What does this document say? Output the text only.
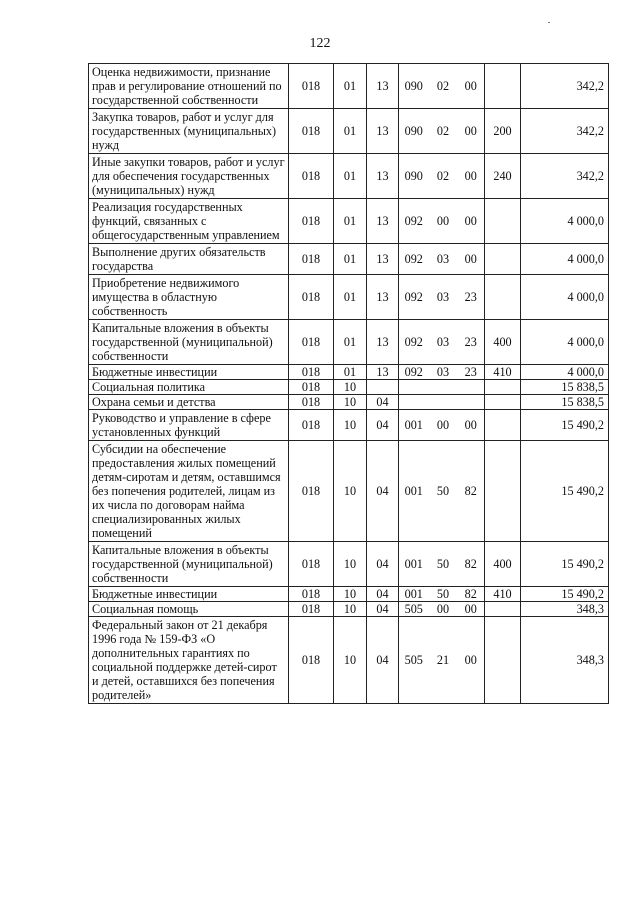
122
Оценка недвижимости, признание прав и регулирование отношений по государственной собственности	018	01	13	090	02	00		342,2
Закупка товаров, работ и услуг для государственных (муниципальных) нужд	018	01	13	090	02	00	200	342,2
Иные закупки товаров, работ и услуг для обеспечения государственных (муниципальных) нужд	018	01	13	090	02	00	240	342,2
Реализация государственных функций, связанных с общегосударственным управлением	018	01	13	092	00	00		4 000,0
Выполнение других обязательств государства	018	01	13	092	03	00		4 000,0
Приобретение недвижимого имущества в областную собственность	018	01	13	092	03	23		4 000,0
Капитальные вложения в объекты государственной (муниципальной) собственности	018	01	13	092	03	23	400	4 000,0
Бюджетные инвестиции	018	01	13	092	03	23	410	4 000,0
Социальная политика	018	10						15 838,5
Охрана семьи и детства	018	10	04					15 838,5
Руководство и управление в сфере установленных функций	018	10	04	001	00	00		15 490,2
Субсидии на обеспечение предоставления жилых помещений детям-сиротам и детям, оставшимся без попечения родителей, лицам из их числа по договорам найма специализированных жилых помещений	018	10	04	001	50	82		15 490,2
Капитальные вложения в объекты государственной (муниципальной) собственности	018	10	04	001	50	82	400	15 490,2
Бюджетные инвестиции	018	10	04	001	50	82	410	15 490,2
Социальная помощь	018	10	04	505	00	00		348,3
Федеральный закон от 21 декабря 1996 года № 159-ФЗ «О дополнительных гарантиях по социальной поддержке детей-сирот и детей, оставшихся без попечения родителей»	018	10	04	505	21	00		348,3
